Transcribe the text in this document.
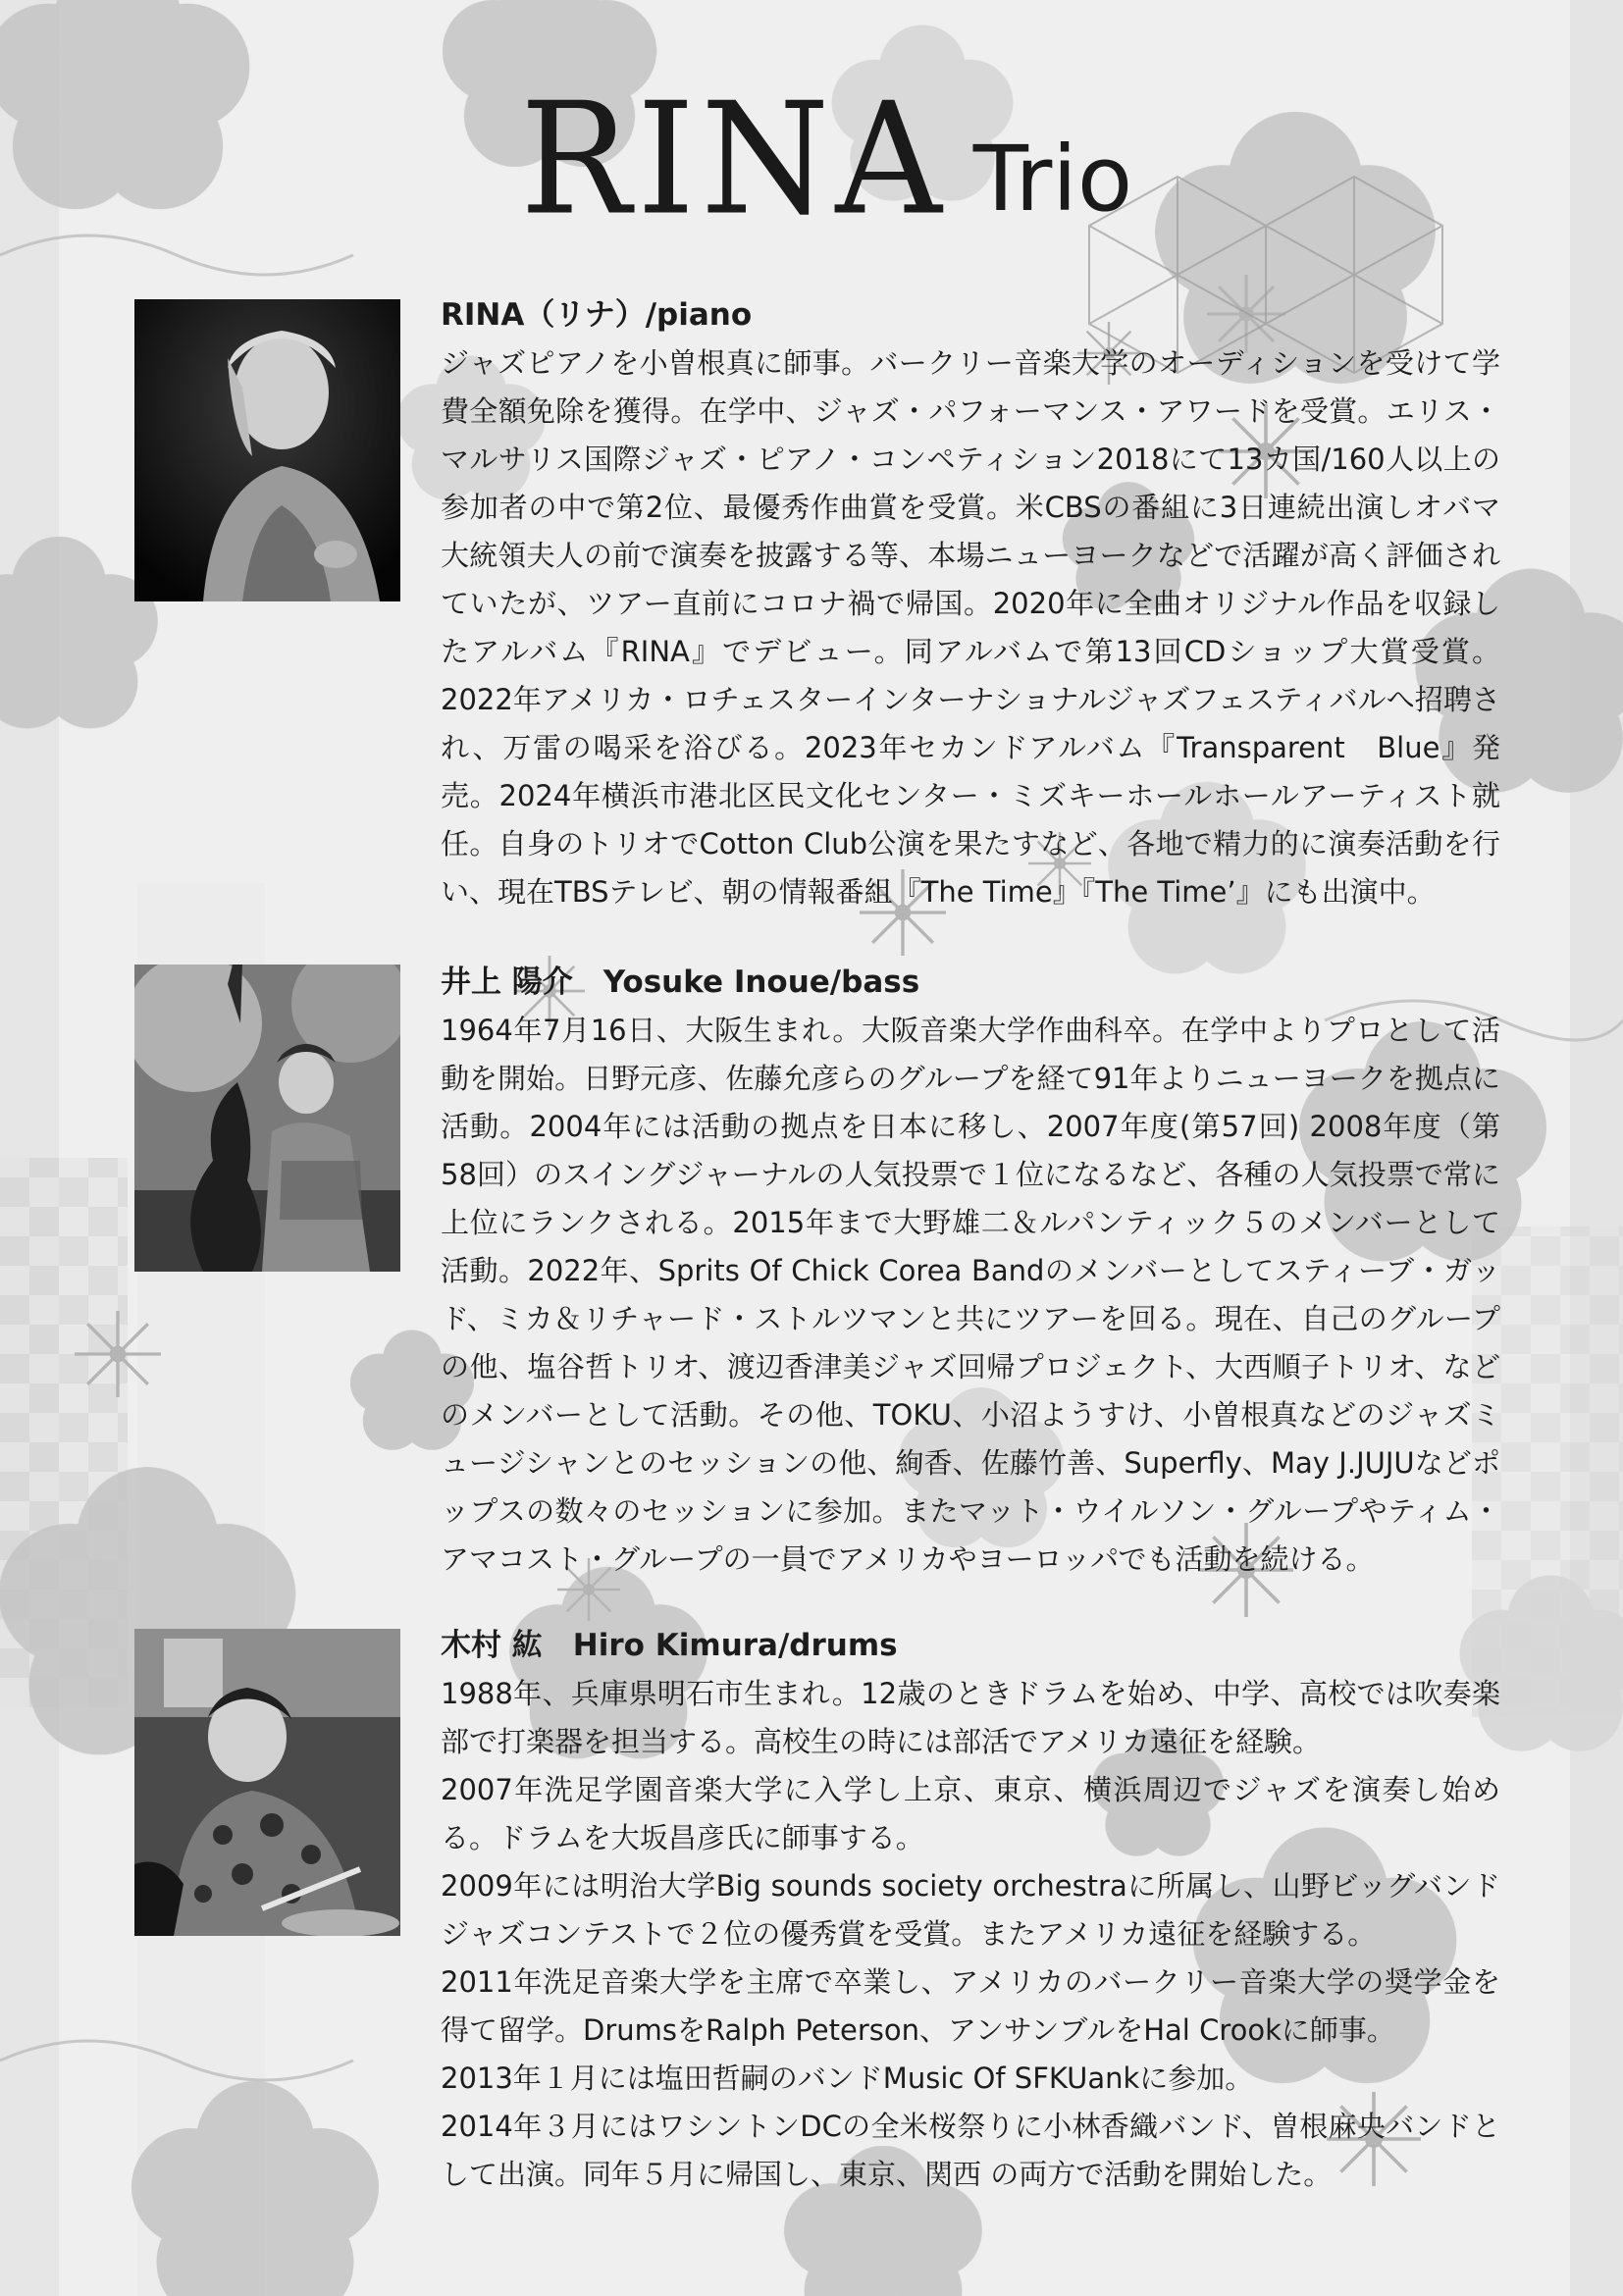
RINA Trio
RINA（リナ）/piano
ジャズピアノを小曽根真に師事。バークリー音楽大学のオーディションを受けて学費全額免除を獲得。在学中、ジャズ・パフォーマンス・アワードを受賞。エリス・マルサリス国際ジャズ・ピアノ・コンペティション2018にて13カ国/160人以上の参加者の中で第2位、最優秀作曲賞を受賞。米CBSの番組に3日連続出演しオバマ大統領夫人の前で演奏を披露する等、本場ニューヨークなどで活躍が高く評価されていたが、ツアー直前にコロナ禍で帰国。2020年に全曲オリジナル作品を収録したアルバム『RINA』でデビュー。同アルバムで第13回CDショップ大賞受賞。2022年アメリカ・ロチェスターインターナショナルジャズフェスティバルへ招聘され、万雷の喝采を浴びる。2023年セカンドアルバム『Transparent　Blue』発売。2024年横浜市港北区民文化センター・ミズキーホールホールアーティスト就任。自身のトリオでCotton Club公演を果たすなど、各地で精力的に演奏活動を行い、現在TBSテレビ、朝の情報番組『The Time』『The Time’』にも出演中。
井上 陽介　Yosuke Inoue/bass
1964年7月16日、大阪生まれ。大阪音楽大学作曲科卒。在学中よりプロとして活動を開始。日野元彦、佐藤允彦らのグループを経て91年よりニューヨークを拠点に活動。2004年には活動の拠点を日本に移し、2007年度(第57回) 2008年度（第58回）のスイングジャーナルの人気投票で１位になるなど、各種の人気投票で常に上位にランクされる。2015年まで大野雄二＆ルパンティック５のメンバーとして活動。2022年、Sprits Of Chick Corea Bandのメンバーとしてスティーブ・ガッド、ミカ＆リチャード・ストルツマンと共にツアーを回る。現在、自己のグループの他、塩谷哲トリオ、渡辺香津美ジャズ回帰プロジェクト、大西順子トリオ、などのメンバーとして活動。その他、TOKU、小沼ようすけ、小曽根真などのジャズミュージシャンとのセッションの他、絢香、佐藤竹善、Superfly、May J.JUJUなどポップスの数々のセッションに参加。またマット・ウイルソン・グループやティム・アマコスト・グループの一員でアメリカやヨーロッパでも活動を続ける。
木村 紘　Hiro Kimura/drums
1988年、兵庫県明石市生まれ。12歳のときドラムを始め、中学、高校では吹奏楽部で打楽器を担当する。高校生の時には部活でアメリカ遠征を経験。
2007年洗足学園音楽大学に入学し上京、東京、横浜周辺でジャズを演奏し始める。ドラムを大坂昌彦氏に師事する。
2009年には明治大学Big sounds society orchestraに所属し、山野ビッグバンドジャズコンテストで２位の優秀賞を受賞。またアメリカ遠征を経験する。
2011年洗足音楽大学を主席で卒業し、アメリカのバークリー音楽大学の奨学金を得て留学。DrumsをRalph Peterson、アンサンブルをHal Crookに師事。
2013年１月には塩田哲嗣のバンドMusic Of SFKUankに参加。
2014年３月にはワシントンDCの全米桜祭りに小林香織バンド、曽根麻央バンドとして出演。同年５月に帰国し、東京、関西 の両方で活動を開始した。
